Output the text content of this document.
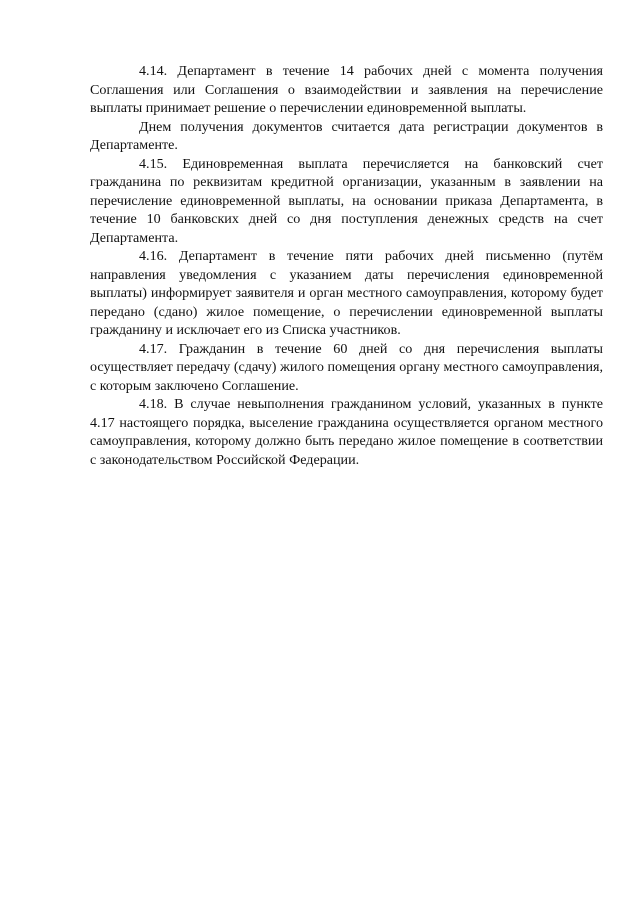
4.14. Департамент в течение 14 рабочих дней с момента получения Соглашения или Соглашения о взаимодействии и заявления на перечисление выплаты принимает решение о перечислении единовременной выплаты.

Днем получения документов считается дата регистрации документов в Департаменте.

4.15. Единовременная выплата перечисляется на банковский счет гражданина по реквизитам кредитной организации, указанным в заявлении на перечисление единовременной выплаты, на основании приказа Департамента, в течение 10 банковских дней со дня поступления денежных средств на счет Департамента.

4.16. Департамент в течение пяти рабочих дней письменно (путём направления уведомления с указанием даты перечисления единовременной выплаты) информирует заявителя и орган местного самоуправления, которому будет передано (сдано) жилое помещение, о перечислении единовременной выплаты гражданину и исключает его из Списка участников.

4.17. Гражданин в течение 60 дней со дня перечисления выплаты осуществляет передачу (сдачу) жилого помещения органу местного самоуправления, с которым заключено Соглашение.

4.18. В случае невыполнения гражданином условий, указанных в пункте 4.17 настоящего порядка, выселение гражданина осуществляется органом местного самоуправления, которому должно быть передано жилое помещение в соответствии с законодательством Российской Федерации.
